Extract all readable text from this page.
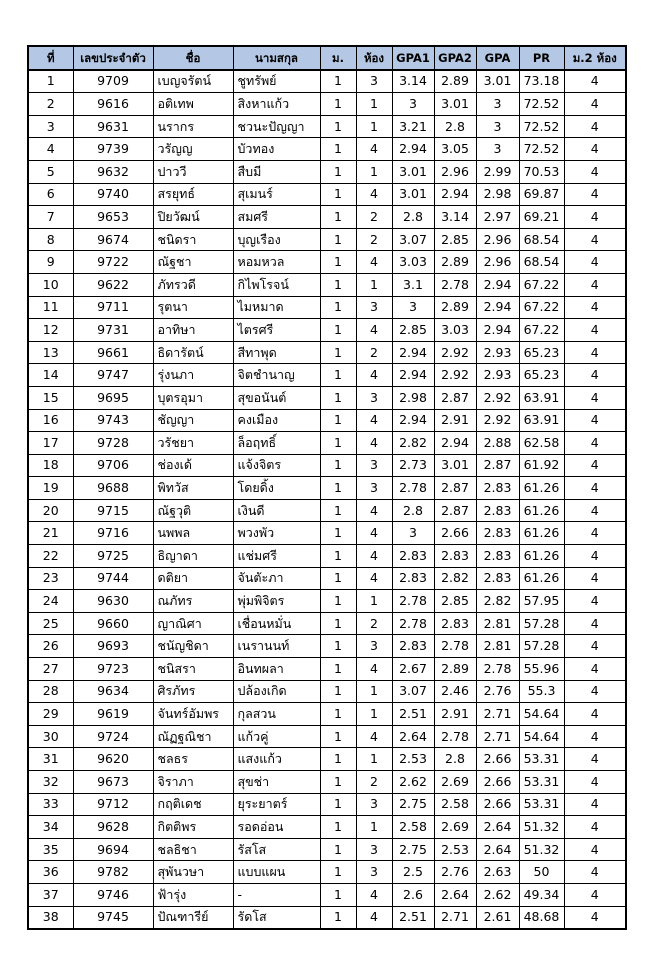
ที่	เลขประจำตัว	ชื่อ	นามสกุล	ม.	ห้อง	GPA1	GPA2	GPA	PR	ม.2 ห้อง
1	9709	เบญจรัตน์	ชูทรัพย์	1	3	3.14	2.89	3.01	73.18	4
2	9616	อติเทพ	สิงหาแก้ว	1	1	3	3.01	3	72.52	4
3	9631	นรากร	ชวนะปัญญา	1	1	3.21	2.8	3	72.52	4
4	9739	วรัญญ	บัวทอง	1	4	2.94	3.05	3	72.52	4
5	9632	ปาววี	สืบมี	1	1	3.01	2.96	2.99	70.53	4
6	9740	สรยุทธ์	สุเมนร์	1	4	3.01	2.94	2.98	69.87	4
7	9653	ปิยวัฒน์	สมศรี	1	2	2.8	3.14	2.97	69.21	4
8	9674	ชนิดรา	บุญเรือง	1	2	3.07	2.85	2.96	68.54	4
9	9722	ณัฐชา	หอมหวล	1	4	3.03	2.89	2.96	68.54	4
10	9622	ภัทรวดี	กิไพโรจน์	1	1	3.1	2.78	2.94	67.22	4
11	9711	รุตนา	ไมหมาด	1	3	3	2.89	2.94	67.22	4
12	9731	อาทิษา	ไตรศรี	1	4	2.85	3.03	2.94	67.22	4
13	9661	ธิดารัตน์	สีทาพุด	1	2	2.94	2.92	2.93	65.23	4
14	9747	รุ่งนภา	จิตชำนาญ	1	4	2.94	2.92	2.93	65.23	4
15	9695	บุตรอุมา	สุขอนันต์	1	3	2.98	2.87	2.92	63.91	4
16	9743	ชัญญา	คงเมือง	1	4	2.94	2.91	2.92	63.91	4
17	9728	วรัชยา	ล็อฤทธิ์	1	4	2.82	2.94	2.88	62.58	4
18	9706	ช่องเด้	แจ้งจิตร	1	3	2.73	3.01	2.87	61.92	4
19	9688	พิทวัส	โดยดิ้ง	1	3	2.78	2.87	2.83	61.26	4
20	9715	ณัฐวุติ	เงินดี	1	4	2.8	2.87	2.83	61.26	4
21	9716	นพพล	พวงพัว	1	4	3	2.66	2.83	61.26	4
22	9725	ธิญาดา	แช่มศรี	1	4	2.83	2.83	2.83	61.26	4
23	9744	ดติยา	จันตัะภา	1	4	2.83	2.82	2.83	61.26	4
24	9630	ณภัทร	พุ่มพิจิตร	1	1	2.78	2.85	2.82	57.95	4
25	9660	ญาณิศา	เชื่อนหมั่น	1	2	2.78	2.83	2.81	57.28	4
26	9693	ชนัญชิดา	เนรานนท์	1	3	2.83	2.78	2.81	57.28	4
27	9723	ชนิสรา	อินทผลา	1	4	2.67	2.89	2.78	55.96	4
28	9634	ศิรภัทร	ปล้องเกิด	1	1	3.07	2.46	2.76	55.3	4
29	9619	จันทร์อัมพร	กุลสวน	1	1	2.51	2.91	2.71	54.64	4
30	9724	ณัฏฐณิชา	แก้วคู่	1	4	2.64	2.78	2.71	54.64	4
31	9620	ชลธร	แสงแก้ว	1	1	2.53	2.8	2.66	53.31	4
32	9673	จิราภา	สุขช่า	1	2	2.62	2.69	2.66	53.31	4
33	9712	กฤติเดช	ยุระยาตร์	1	3	2.75	2.58	2.66	53.31	4
34	9628	กิตติพร	รอดอ่อน	1	1	2.58	2.69	2.64	51.32	4
35	9694	ชลธิชา	รัสโส	1	3	2.75	2.53	2.64	51.32	4
36	9782	สุพันวษา	แบบแผน	1	3	2.5	2.76	2.63	50	4
37	9746	ฟ้ารุ่ง	-	1	4	2.6	2.64	2.62	49.34	4
38	9745	ปัณฑารีย์	รัดโส	1	4	2.51	2.71	2.61	48.68	4
